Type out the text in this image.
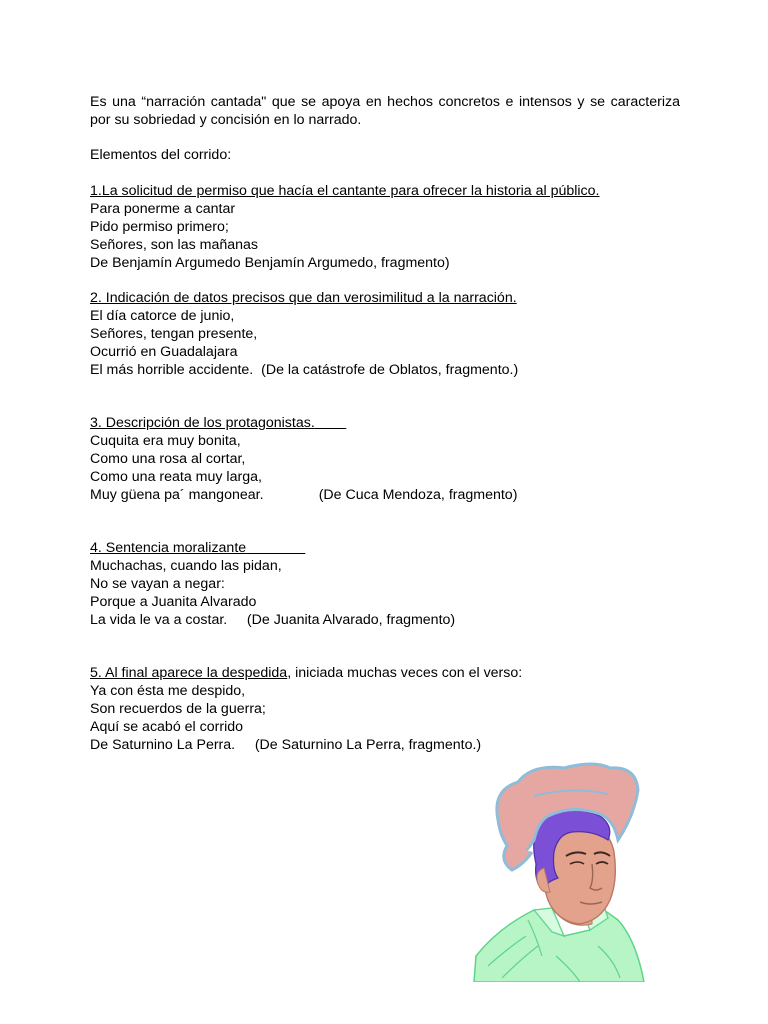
Es una “narración cantada" que se apoya en hechos concretos e intensos y se caracteriza por su sobriedad y concisión en lo narrado.
Elementos del corrido:
1.La solicitud de permiso que hacía el cantante para ofrecer la historia al público.
Para ponerme a cantar
Pido permiso primero;
Señores, son las mañanas
De Benjamín Argumedo Benjamín Argumedo, fragmento)
2. Indicación de datos precisos que dan verosimilitud a la narración.
El día catorce de junio,
Señores, tengan presente,
Ocurrió en Guadalajara
El más horrible accidente.  (De la catástrofe de Oblatos, fragmento.)
3. Descripción de los protagonistas.
Cuquita era muy bonita,
Como una rosa al cortar,
Como una reata muy larga,
Muy güena pa´ mangonear.              (De Cuca Mendoza, fragmento)
4. Sentencia moralizante
Muchachas, cuando las pidan,
No se vayan a negar:
Porque a Juanita Alvarado
La vida le va a costar.     (De Juanita Alvarado, fragmento)
5. Al final aparece la despedida, iniciada muchas veces con el verso:
Ya con ésta me despido,
Son recuerdos de la guerra;
Aquí se acabó el corrido
De Saturnino La Perra.     (De Saturnino La Perra, fragmento.)
